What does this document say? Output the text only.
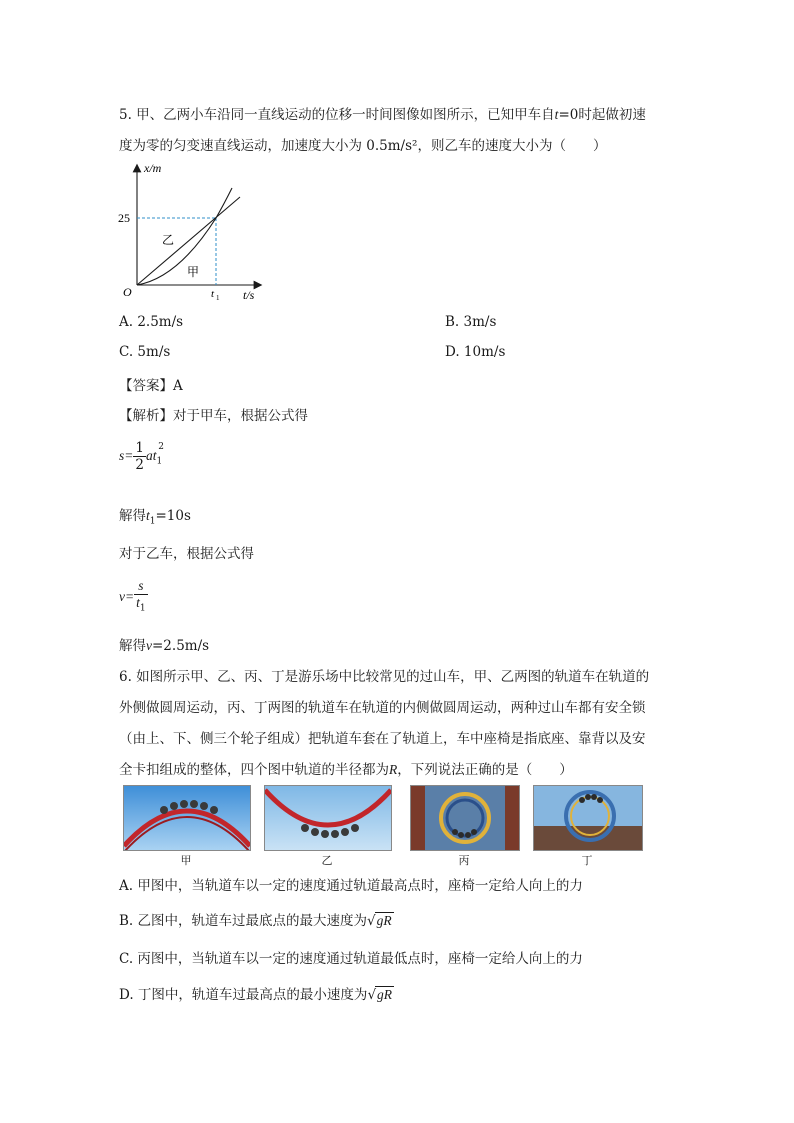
5. 甲、乙两小车沿同一直线运动的位移一时间图像如图所示，已知甲车自t=0时起做初速
度为零的匀变速直线运动，加速度大小为 0.5m/s²，则乙车的速度大小为（　　）
x/m
25
O	t 1 t/s
乙
甲
A. 2.5m/s	B. 3m/s
C. 5m/s	D. 10m/s
【答案】A
【解析】对于甲车，根据公式得
$s= \frac{1}{2} at_1^2$
解得$t_1=10s$
对于乙车，根据公式得
$v= \frac{s}{t_1}$
解得v=2.5m/s
6. 如图所示甲、乙、丙、丁是游乐场中比较常见的过山车，甲、乙两图的轨道车在轨道的
外侧做圆周运动，丙、丁两图的轨道车在轨道的内侧做圆周运动，两种过山车都有安全锁
（由上、下、侧三个轮子组成）把轨道车套在了轨道上，车中座椅是指底座、靠背以及安
全卡扣组成的整体，四个图中轨道的半径都为R，下列说法正确的是（　　）
甲	乙	丙	丁
A. 甲图中，当轨道车以一定的速度通过轨道最高点时，座椅一定给人向上的力
B. 乙图中，轨道车过最底点的最大速度为√gR
C. 丙图中，当轨道车以一定的速度通过轨道最低点时，座椅一定给人向上的力
D. 丁图中，轨道车过最高点的最小速度为√gR
